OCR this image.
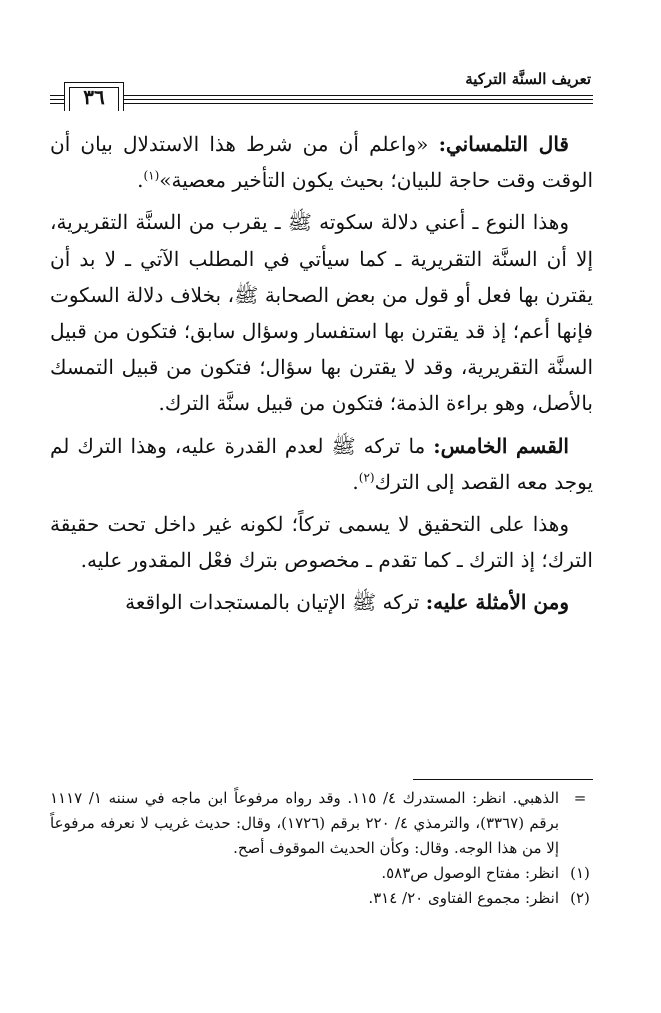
تعريف السنَّة التركية
٣٦

قال التلمساني: «واعلم أن من شرط هذا الاستدلال بيان أن الوقت وقت حاجة للبيان؛ بحيث يكون التأخير معصية»$^{(١)}$.

وهذا النوع ـ أعني دلالة سكوته ﷺ ـ يقرب من السنَّة التقريرية، إلا أن السنَّة التقريرية ـ كما سيأتي في المطلب الآتي ـ لا بد أن يقترن بها فعل أو قول من بعض الصحابة ﷺ، بخلاف دلالة السكوت فإنها أعم؛ إذ قد يقترن بها استفسار وسؤال سابق؛ فتكون من قبيل السنَّة التقريرية، وقد لا يقترن بها سؤال؛ فتكون من قبيل التمسك بالأصل، وهو براءة الذمة؛ فتكون من قبيل سنَّة الترك.

القسم الخامس: ما تركه ﷺ لعدم القدرة عليه، وهذا الترك لم يوجد معه القصد إلى الترك$^{(٢)}$.

وهذا على التحقيق لا يسمى تركاً؛ لكونه غير داخل تحت حقيقة الترك؛ إذ الترك ـ كما تقدم ـ مخصوص بترك فعْل المقدور عليه.

ومن الأمثلة عليه: تركه ﷺ الإتيان بالمستجدات الواقعة

=
الذهبي. انظر: المستدرك ٤/ ١١٥. وقد رواه مرفوعاً ابن ماجه في سننه ١/ ١١١٧ برقم (٣٣٦٧)، والترمذي ٤/ ٢٢٠ برقم (١٧٢٦)، وقال: حديث غريب لا نعرفه مرفوعاً إلا من هذا الوجه. وقال: وكأن الحديث الموقوف أصح.
(١)
انظر: مفتاح الوصول ص٥٨٣.
(٢)
انظر: مجموع الفتاوى ٢٠/ ٣١٤.
